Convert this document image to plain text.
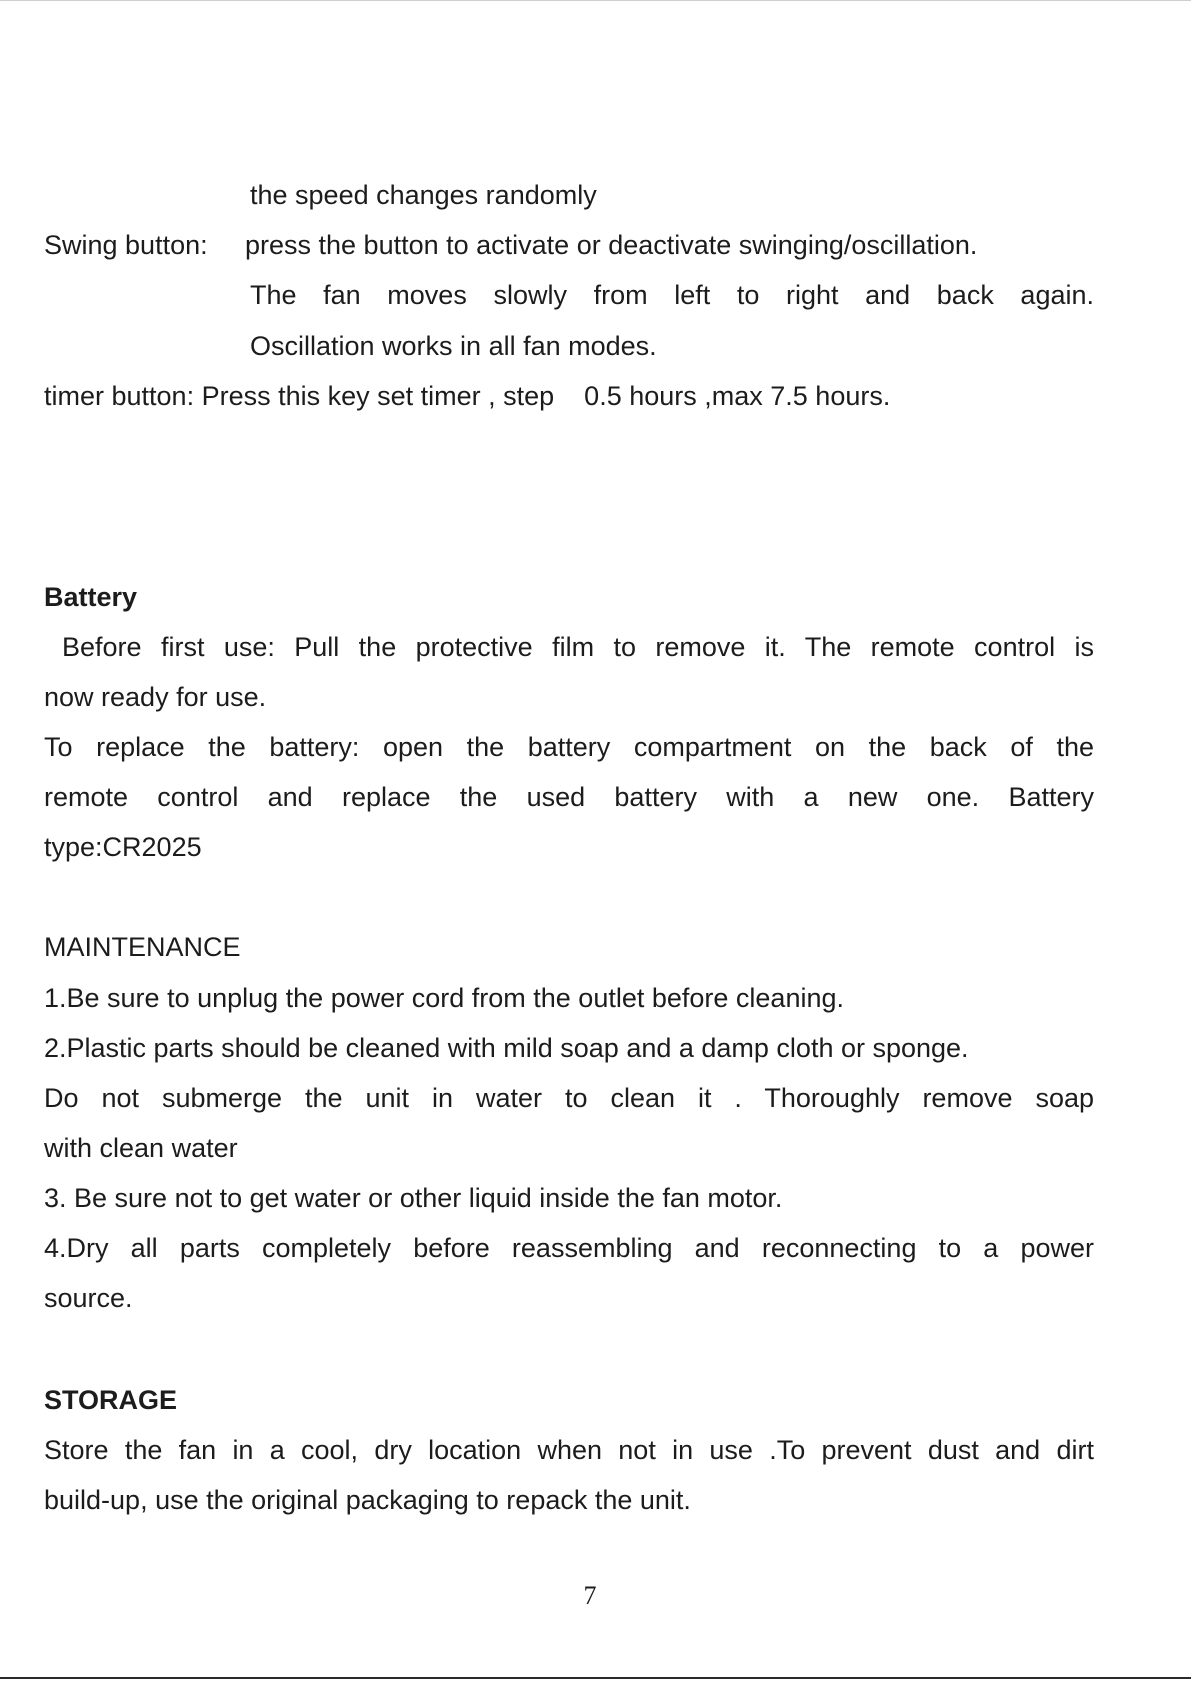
the speed changes randomly
Swing button: press the button to activate or deactivate swinging/oscillation.
The fan moves slowly from left to right and back again.
Oscillation works in all fan modes.
timer button: Press this key set timer , step    0.5 hours ,max 7.5 hours.
Battery
Before first use: Pull the protective film to remove it. The remote control is
now ready for use.
To replace the battery: open the battery compartment on the back of the
remote control and replace the used battery with a new one. Battery
type:CR2025
MAINTENANCE
1.Be sure to unplug the power cord from the outlet before cleaning.
2.Plastic parts should be cleaned with mild soap and a damp cloth or sponge.
Do not submerge the unit in water to clean it . Thoroughly remove soap
with clean water
3. Be sure not to get water or other liquid inside the fan motor.
4.Dry all parts completely before reassembling and reconnecting to a power
source.
STORAGE
Store the fan in a cool, dry location when not in use .To prevent dust and dirt
build-up, use the original packaging to repack the unit.
7
